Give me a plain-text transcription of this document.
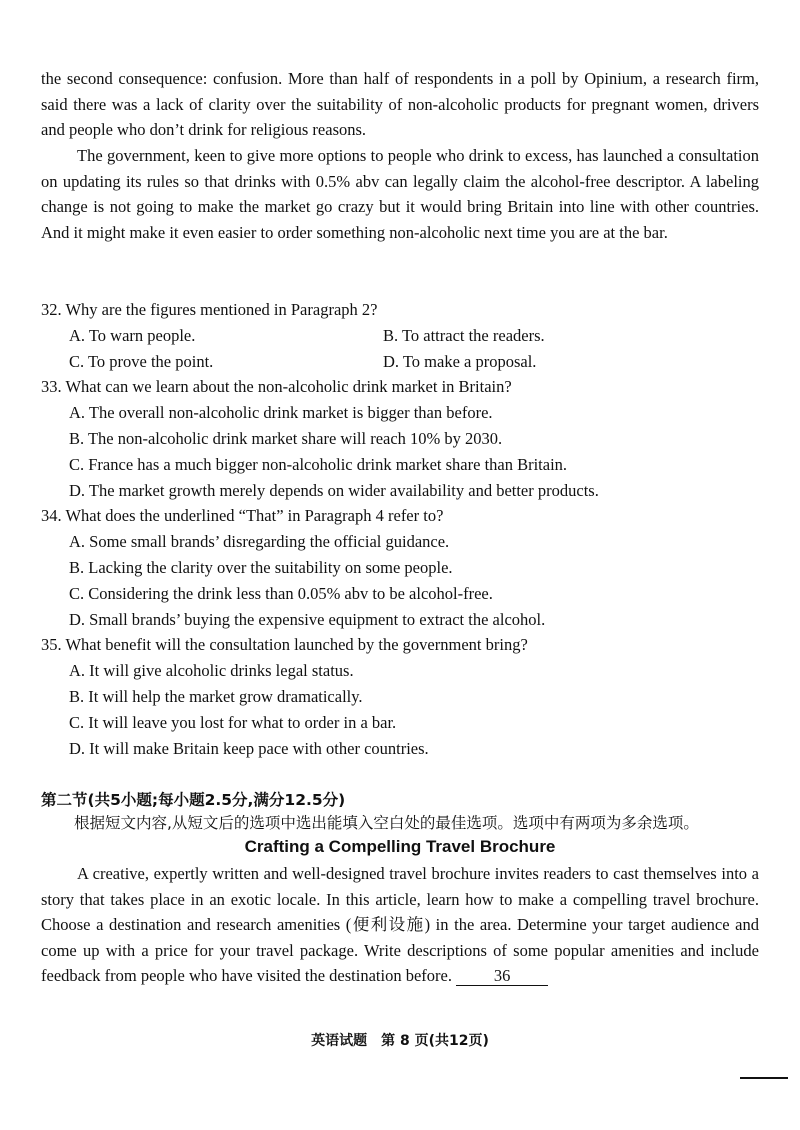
the second consequence: confusion. More than half of respondents in a poll by Opinium, a research firm, said there was a lack of clarity over the suitability of non-alcoholic products for pregnant women, drivers and people who don’t drink for religious reasons.

The government, keen to give more options to people who drink to excess, has launched a consultation on updating its rules so that drinks with 0.5% abv can legally claim the alcohol-free descriptor. A labeling change is not going to make the market go crazy but it would bring Britain into line with other countries. And it might make it even easier to order something non-alcoholic next time you are at the bar.

32. Why are the figures mentioned in Paragraph 2?
A. To warn people.	B. To attract the readers.
C. To prove the point.	D. To make a proposal.
33. What can we learn about the non-alcoholic drink market in Britain?
A. The overall non-alcoholic drink market is bigger than before.
B. The non-alcoholic drink market share will reach 10% by 2030.
C. France has a much bigger non-alcoholic drink market share than Britain.
D. The market growth merely depends on wider availability and better products.
34. What does the underlined “That” in Paragraph 4 refer to?
A. Some small brands’ disregarding the official guidance.
B. Lacking the clarity over the suitability on some people.
C. Considering the drink less than 0.05% abv to be alcohol-free.
D. Small brands’ buying the expensive equipment to extract the alcohol.
35. What benefit will the consultation launched by the government bring?
A. It will give alcoholic drinks legal status.
B. It will help the market grow dramatically.
C. It will leave you lost for what to order in a bar.
D. It will make Britain keep pace with other countries.
第二节(共5小题;每小题2.5分,满分12.5分)
根据短文内容,从短文后的选项中选出能填入空白处的最佳选项。选项中有两项为多余选项。
Crafting a Compelling Travel Brochure

A creative, expertly written and well-designed travel brochure invites readers to cast themselves into a story that takes place in an exotic locale. In this article, learn how to make a compelling travel brochure. Choose a destination and research amenities (便利设施) in the area. Determine your target audience and come up with a price for your travel package. Write descriptions of some popular amenities and include feedback from people who have visited the destination before.	36

英语试题　第 8 页(共12页)
